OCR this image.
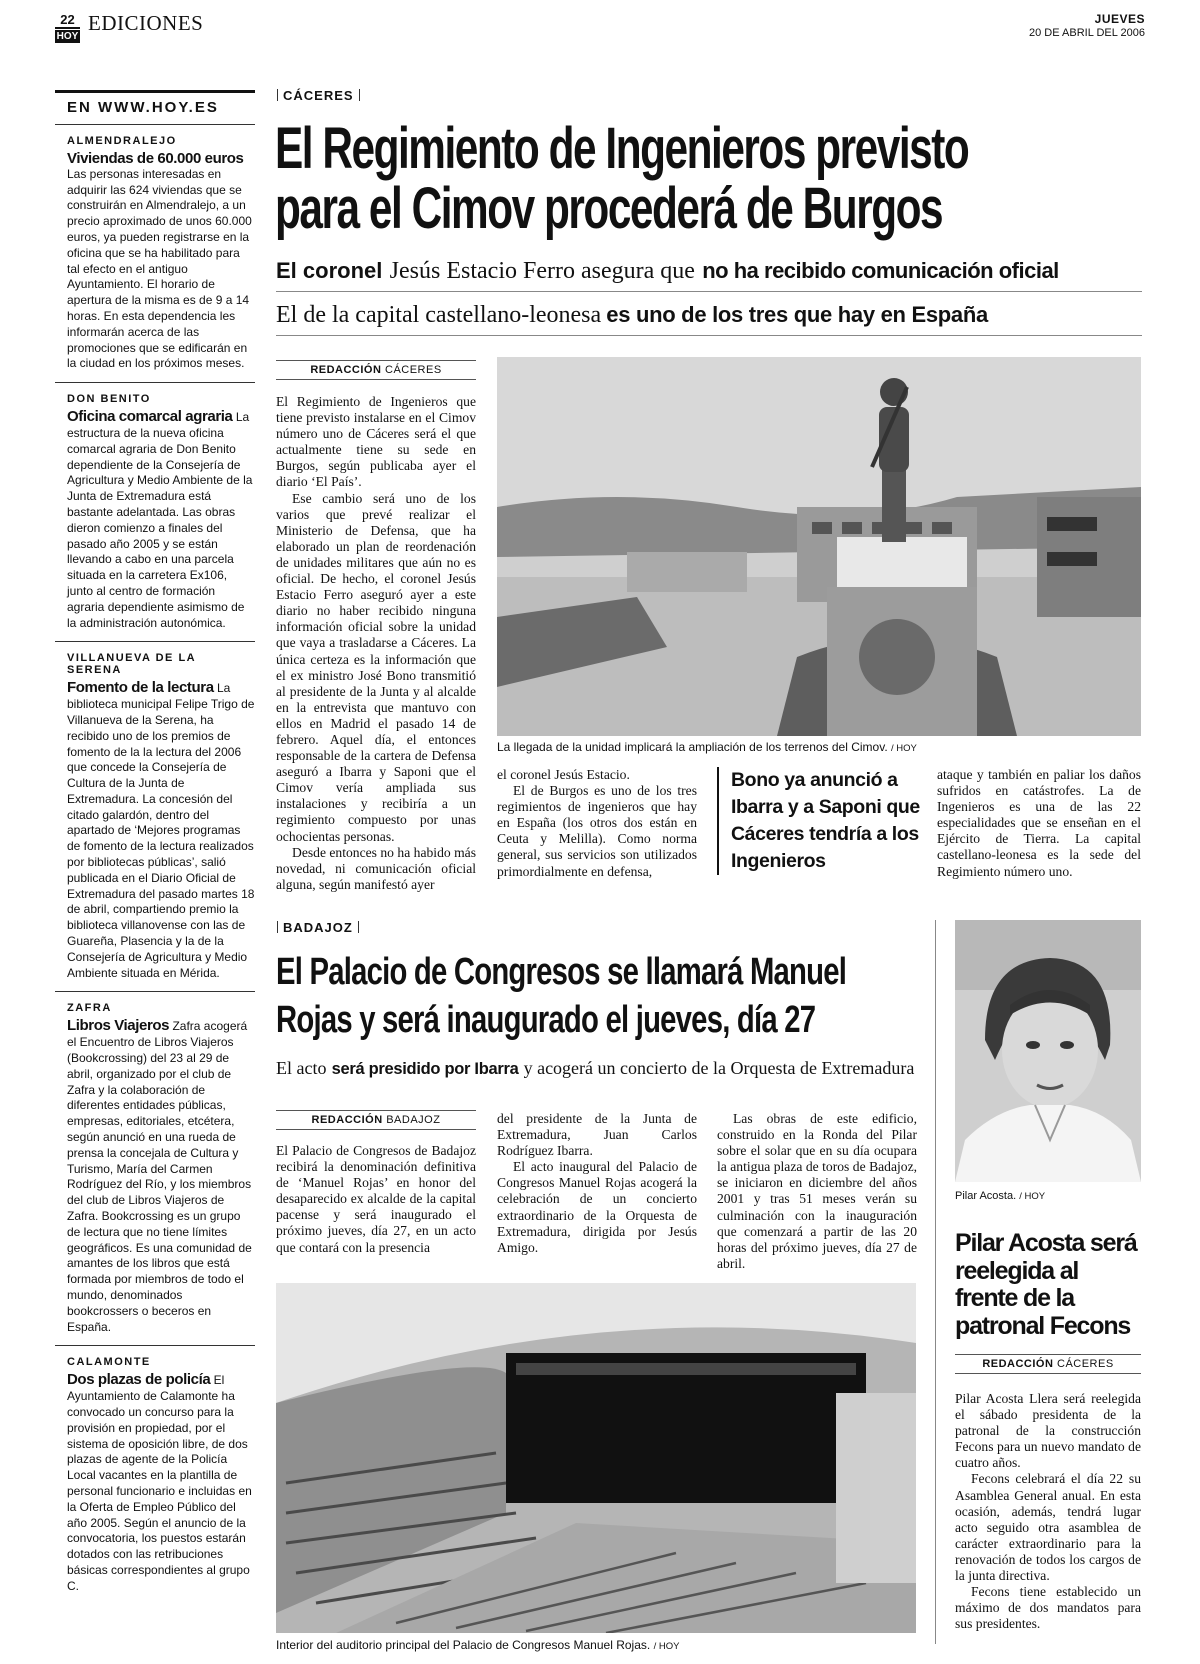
22
HOY
EDICIONES	JUEVES
20 DE ABRIL DEL 2006
EN WWW.HOY.ES
ALMENDRALEJO
Viviendas de 60.000 euros
Las personas interesadas en adquirir las 624 viviendas que se construirán en Almendralejo, a un precio aproximado de unos 60.000 euros, ya pueden registrarse en la oficina que se ha habilitado para tal efecto en el antiguo Ayuntamiento. El horario de apertura de la misma es de 9 a 14 horas. En esta dependencia les informarán acerca de las promociones que se edificarán en la ciudad en los próximos meses.
DON BENITO
Oficina comarcal agraria La estructura de la nueva oficina comarcal agraria de Don Benito dependiente de la Consejería de Agricultura y Medio Ambiente de la Junta de Extremadura está bastante adelantada. Las obras dieron comienzo a finales del pasado año 2005 y se están llevando a cabo en una parcela situada en la carretera Ex106, junto al centro de formación agraria dependiente asimismo de la administración autonómica.
VILLANUEVA DE LA SERENA
Fomento de la lectura La biblioteca municipal Felipe Trigo de Villanueva de la Serena, ha recibido uno de los premios de fomento de la la lectura del 2006 que concede la Consejería de Cultura de la Junta de Extremadura. La concesión del citado galardón, dentro del apartado de ‘Mejores programas de fomento de la lectura realizados por bibliotecas públicas’, salió publicada en el Diario Oficial de Extremadura del pasado martes 18 de abril, compartiendo premio la biblioteca villanovense con las de Guareña, Plasencia y la de la Consejería de Agricultura y Medio Ambiente situada en Mérida.
ZAFRA
Libros Viajeros Zafra acogerá el Encuentro de Libros Viajeros (Bookcrossing) del 23 al 29 de abril, organizado por el club de Zafra y la colaboración de diferentes entidades públicas, empresas, editoriales, etcétera, según anunció en una rueda de prensa la concejala de Cultura y Turismo, María del Carmen Rodríguez del Río, y los miembros del club de Libros Viajeros de Zafra. Bookcrossing es un grupo de lectura que no tiene límites geográficos. Es una comunidad de amantes de los libros que está formada por miembros de todo el mundo, denominados bookcrossers o beceros en España.
CALAMONTE
Dos plazas de policía El Ayuntamiento de Calamonte ha convocado un concurso para la provisión en propiedad, por el sistema de oposición libre, de dos plazas de agente de la Policía Local vacantes en la plantilla de personal funcionario e incluidas en la Oferta de Empleo Público del año 2005. Según el anuncio de la convocatoria, los puestos estarán dotados con las retribuciones básicas correspondientes al grupo C.
CÁCERES
El Regimiento de Ingenieros previsto
para el Cimov procederá de Burgos
El coronel Jesús Estacio Ferro asegura que no ha recibido comunicación oficial
El de la capital castellano-leonesa es uno de los tres que hay en España
REDACCIÓN CÁCERES

El Regimiento de Ingenieros que tiene previsto instalarse en el Cimov número uno de Cáceres será el que actualmente tiene su sede en Burgos, según publicaba ayer el diario ‘El País’.

Ese cambio será uno de los varios que prevé realizar el Ministerio de Defensa, que ha elaborado un plan de reordenación de unidades militares que aún no es oficial. De hecho, el coronel Jesús Estacio Ferro aseguró ayer a este diario no haber recibido ninguna información oficial sobre la unidad que vaya a trasladarse a Cáceres. La única certeza es la información que el ex ministro José Bono transmitió al presidente de la Junta y al alcalde en la entrevista que mantuvo con ellos en Madrid el pasado 14 de febrero. Aquel día, el entonces responsable de la cartera de Defensa aseguró a Ibarra y Saponi que el Cimov vería ampliada sus instalaciones y recibiría a un regimiento compuesto por unas ochocientas personas.

Desde entonces no ha habido más novedad, ni comunicación oficial alguna, según manifestó ayer

La llegada de la unidad implicará la ampliación de los terrenos del Cimov. / HOY

el coronel Jesús Estacio.

El de Burgos es uno de los tres regimientos de ingenieros que hay en España (los otros dos están en Ceuta y Melilla). Como norma general, sus servicios son utilizados primordialmente en defensa,

Bono ya anunció a Ibarra y a Saponi que Cáceres tendría a los Ingenieros

ataque y también en paliar los daños sufridos en catástrofes. La de Ingenieros es una de las 22 especialidades que se enseñan en el Ejército de Tierra. La capital castellano-leonesa es la sede del Regimiento número uno.

BADAJOZ
El Palacio de Congresos se llamará Manuel
Rojas y será inaugurado el jueves, día 27
El acto será presidido por Ibarra y acogerá un concierto de la Orquesta de Extremadura
REDACCIÓN BADAJOZ

El Palacio de Congresos de Badajoz recibirá la denominación definitiva de ‘Manuel Rojas’ en honor del desaparecido ex alcalde de la capital pacense y será inaugurado el próximo jueves, día 27, en un acto que contará con la presencia

del presidente de la Junta de Extremadura, Juan Carlos Rodríguez Ibarra.

El acto inaugural del Palacio de Congresos Manuel Rojas acogerá la celebración de un concierto extraordinario de la Orquesta de Extremadura, dirigida por Jesús Amigo.

Las obras de este edificio, construido en la Ronda del Pilar sobre el solar que en su día ocupara la antigua plaza de toros de Badajoz, se iniciaron en diciembre del años 2001 y tras 51 meses verán su culminación con la inauguración que comenzará a partir de las 20 horas del próximo jueves, día 27 de abril.

Interior del auditorio principal del Palacio de Congresos Manuel Rojas. / HOY
Pilar Acosta. / HOY
Pilar Acosta será reelegida al frente de la patronal Fecons
REDACCIÓN CÁCERES

Pilar Acosta Llera será reelegida el sábado presidenta de la patronal de la construcción Fecons para un nuevo mandato de cuatro años.

Fecons celebrará el día 22 su Asamblea General anual. En esta ocasión, además, tendrá lugar acto seguido otra asamblea de carácter extraordinario para la renovación de todos los cargos de la junta directiva.

Fecons tiene establecido un máximo de dos mandatos para sus presidentes.
